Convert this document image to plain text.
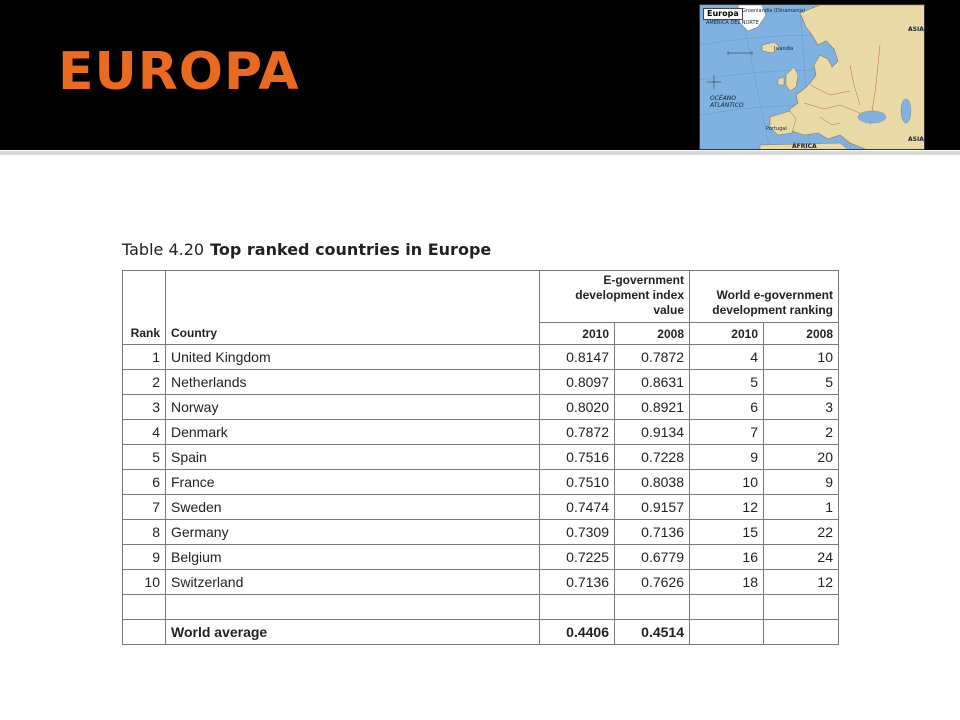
EUROPA
Europa
AMÉRICA DEL NORTE
Groenlandia (Dinamarca)
Islandia
OCÉANO ATLÁNTICO
ASIA
ASIA
ÁFRICA
Portugal
Table 4.20 Top ranked countries in Europe
		E-government development index value		World e-government development ranking	
Rank	Country	2010	2008	2010	2008
1	United Kingdom	0.8147	0.7872	4	10
2	Netherlands	0.8097	0.8631	5	5
3	Norway	0.8020	0.8921	6	3
4	Denmark	0.7872	0.9134	7	2
5	Spain	0.7516	0.7228	9	20
6	France	0.7510	0.8038	10	9
7	Sweden	0.7474	0.9157	12	1
8	Germany	0.7309	0.7136	15	22
9	Belgium	0.7225	0.6779	16	24
10	Switzerland	0.7136	0.7626	18	12

	World average	0.4406	0.4514		
